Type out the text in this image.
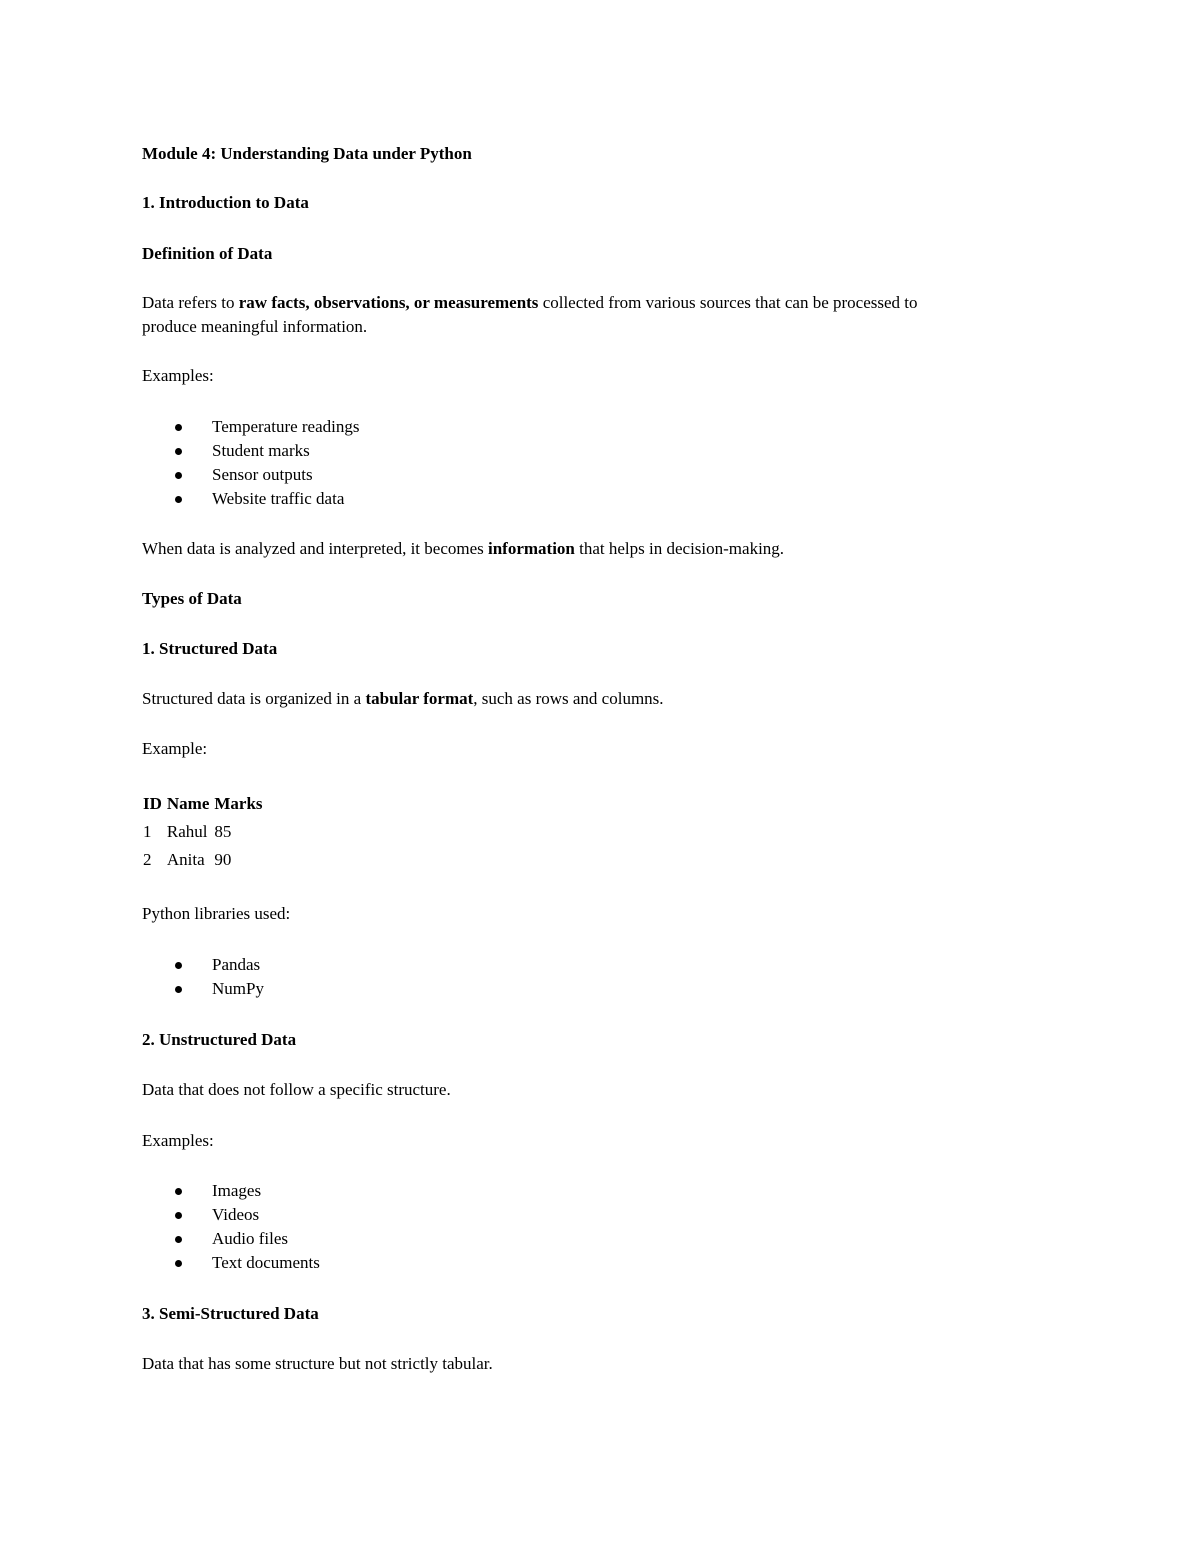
Module 4: Understanding Data under Python
1. Introduction to Data
Definition of Data
Data refers to raw facts, observations, or measurements collected from various sources that can be processed to
produce meaningful information.
Examples:
Temperature readings
Student marks
Sensor outputs
Website traffic data
When data is analyzed and interpreted, it becomes information that helps in decision-making.
Types of Data
1. Structured Data
Structured data is organized in a tabular format, such as rows and columns.
Example:
ID	Name	Marks
1	Rahul	85
2	Anita	90
Python libraries used:
Pandas
NumPy
2. Unstructured Data
Data that does not follow a specific structure.
Examples:
Images
Videos
Audio files
Text documents
3. Semi-Structured Data
Data that has some structure but not strictly tabular.
